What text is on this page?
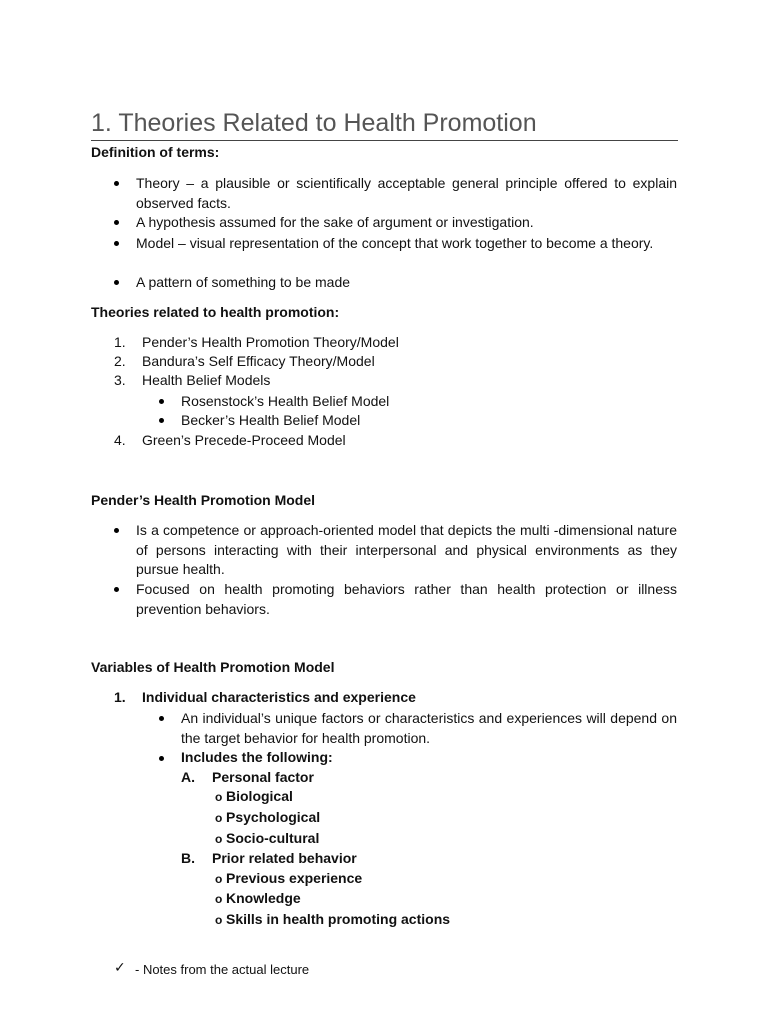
1. Theories Related to Health Promotion
Definition of terms:
Theory – a plausible or scientifically acceptable general principle offered to explain observed facts.
A hypothesis assumed for the sake of argument or investigation.
Model – visual representation of the concept that work together to become a theory.
A pattern of something to be made
Theories related to health promotion:
1. Pender’s Health Promotion Theory/Model
2. Bandura’s Self Efficacy Theory/Model
3. Health Belief Models
Rosenstock’s Health Belief Model
Becker’s Health Belief Model
4. Green’s Precede-Proceed Model
Pender’s Health Promotion Model
Is a competence or approach-oriented model that depicts the multi -dimensional nature of persons interacting with their interpersonal and physical environments as they pursue health.
Focused on health promoting behaviors rather than health protection or illness prevention behaviors.
Variables of Health Promotion Model
1. Individual characteristics and experience
An individual’s unique factors or characteristics and experiences will depend on the target behavior for health promotion.
Includes the following:
A. Personal factor
o Biological
o Psychological
o Socio-cultural
B. Prior related behavior
o Previous experience
o Knowledge
o Skills in health promoting actions
✓ - Notes from the actual lecture
